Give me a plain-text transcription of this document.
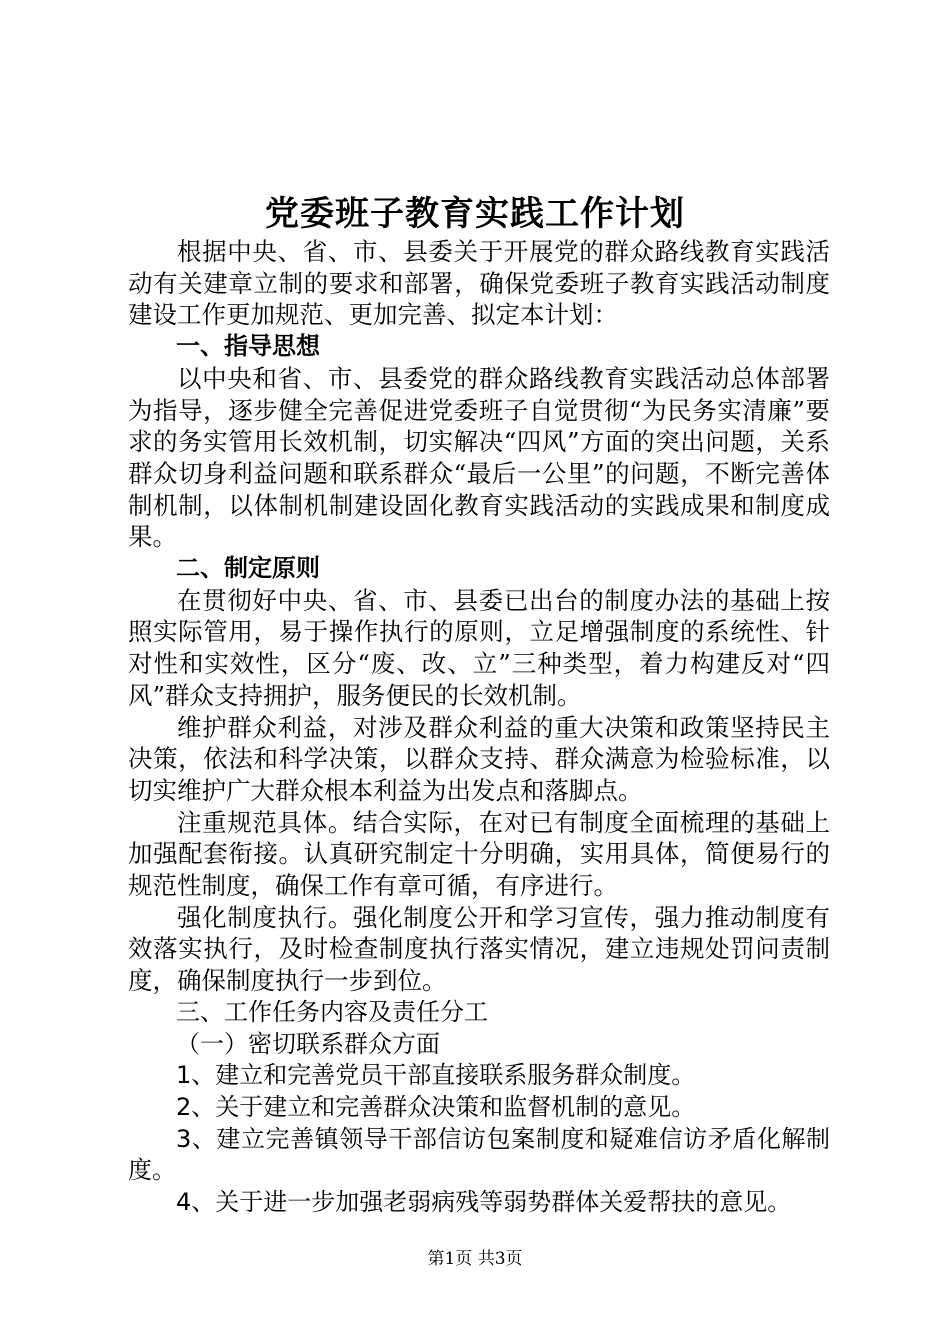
党委班子教育实践工作计划

根据中央、省、市、县委关于开展党的群众路线教育实践活动有关建章立制的要求和部署，确保党委班子教育实践活动制度建设工作更加规范、更加完善、拟定本计划：

一、指导思想

以中央和省、市、县委党的群众路线教育实践活动总体部署为指导，逐步健全完善促进党委班子自觉贯彻“为民务实清廉”要求的务实管用长效机制，切实解决“四风”方面的突出问题，关系群众切身利益问题和联系群众“最后一公里”的问题，不断完善体制机制，以体制机制建设固化教育实践活动的实践成果和制度成果。

二、制定原则

在贯彻好中央、省、市、县委已出台的制度办法的基础上按照实际管用，易于操作执行的原则，立足增强制度的系统性、针对性和实效性，区分“废、改、立”三种类型，着力构建反对“四风”群众支持拥护，服务便民的长效机制。

维护群众利益，对涉及群众利益的重大决策和政策坚持民主决策，依法和科学决策，以群众支持、群众满意为检验标准，以切实维护广大群众根本利益为出发点和落脚点。

注重规范具体。结合实际，在对已有制度全面梳理的基础上加强配套衔接。认真研究制定十分明确，实用具体，简便易行的规范性制度，确保工作有章可循，有序进行。

强化制度执行。强化制度公开和学习宣传，强力推动制度有效落实执行，及时检查制度执行落实情况，建立违规处罚问责制度，确保制度执行一步到位。

三、工作任务内容及责任分工

（一）密切联系群众方面

1、建立和完善党员干部直接联系服务群众制度。

2、关于建立和完善群众决策和监督机制的意见。

3、建立完善镇领导干部信访包案制度和疑难信访矛盾化解制度。

4、关于进一步加强老弱病残等弱势群体关爱帮扶的意见。

第1页 共3页
